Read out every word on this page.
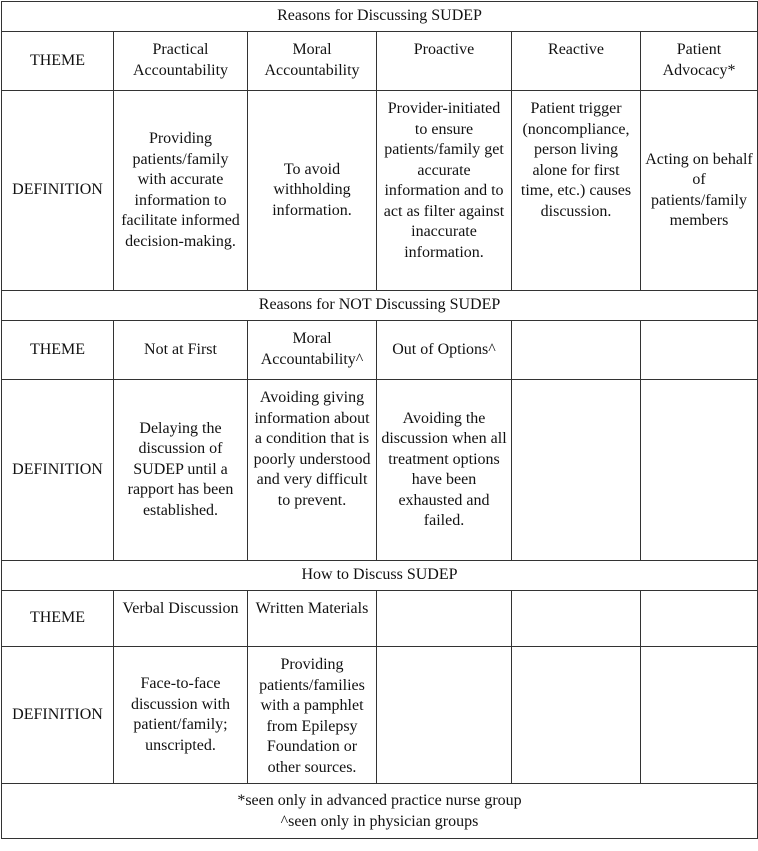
Reasons for Discussing SUDEP					
THEME	Practical Accountability	Moral Accountability	Proactive	Reactive	Patient Advocacy*
DEFINITION	Providing patients/family with accurate information to facilitate informed decision-making.	To avoid withholding information.	Provider-initiated to ensure patients/family get accurate information and to act as filter against inaccurate information.	Patient trigger (noncompliance, person living alone for first time, etc.) causes discussion.	Acting on behalf of patients/family members
Reasons for NOT Discussing SUDEP					
THEME	Not at First	Moral Accountability^	Out of Options^		
DEFINITION	Delaying the discussion of SUDEP until a rapport has been established.	Avoiding giving information about a condition that is poorly understood and very difficult to prevent.	Avoiding the discussion when all treatment options have been exhausted and failed.		
How to Discuss SUDEP					
THEME	Verbal Discussion	Written Materials			
DEFINITION	Face-to-face discussion with patient/family; unscripted.	Providing patients/families with a pamphlet from Epilepsy Foundation or other sources.			

*seen only in advanced practice nurse group
^seen only in physician groups					
